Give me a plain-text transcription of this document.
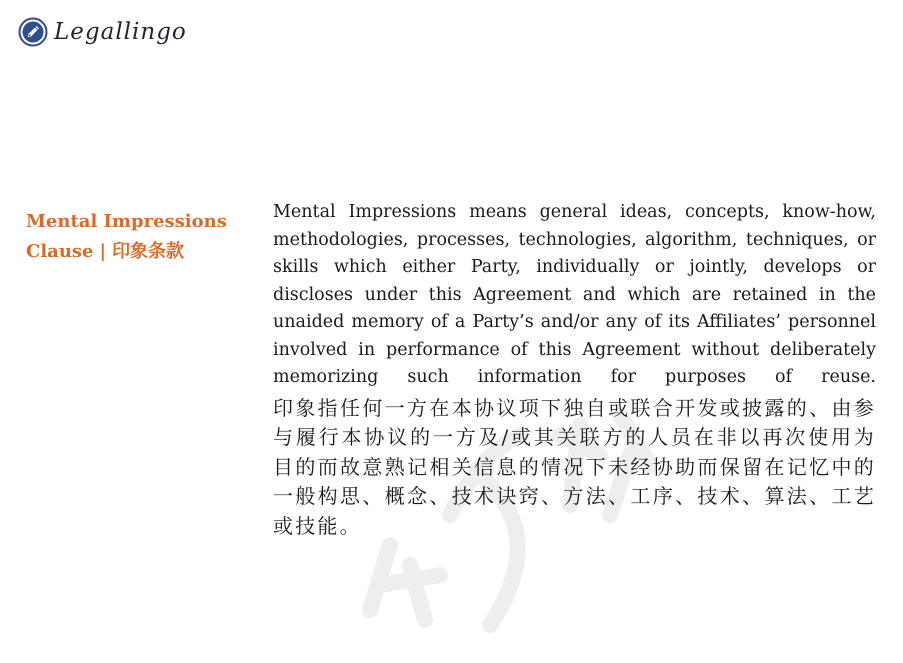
Legallingo
Mental Impressions
Clause | 印象条款

Mental Impressions means general ideas, concepts, know-how, methodologies, processes, technologies, algorithm, techniques, or skills which either Party, individually or jointly, develops or discloses under this Agreement and which are retained in the unaided memory of a Party’s and/or any of its Affiliates’ personnel involved in performance of this Agreement without deliberately memorizing such information for purposes of reuse.

印象指任何一方在本协议项下独自或联合开发或披露的、由参与履行本协议的一方及/或其关联方的人员在非以再次使用为目的而故意熟记相关信息的情况下未经协助而保留在记忆中的一般构思、概念、技术诀窍、方法、工序、技术、算法、工艺或技能。
